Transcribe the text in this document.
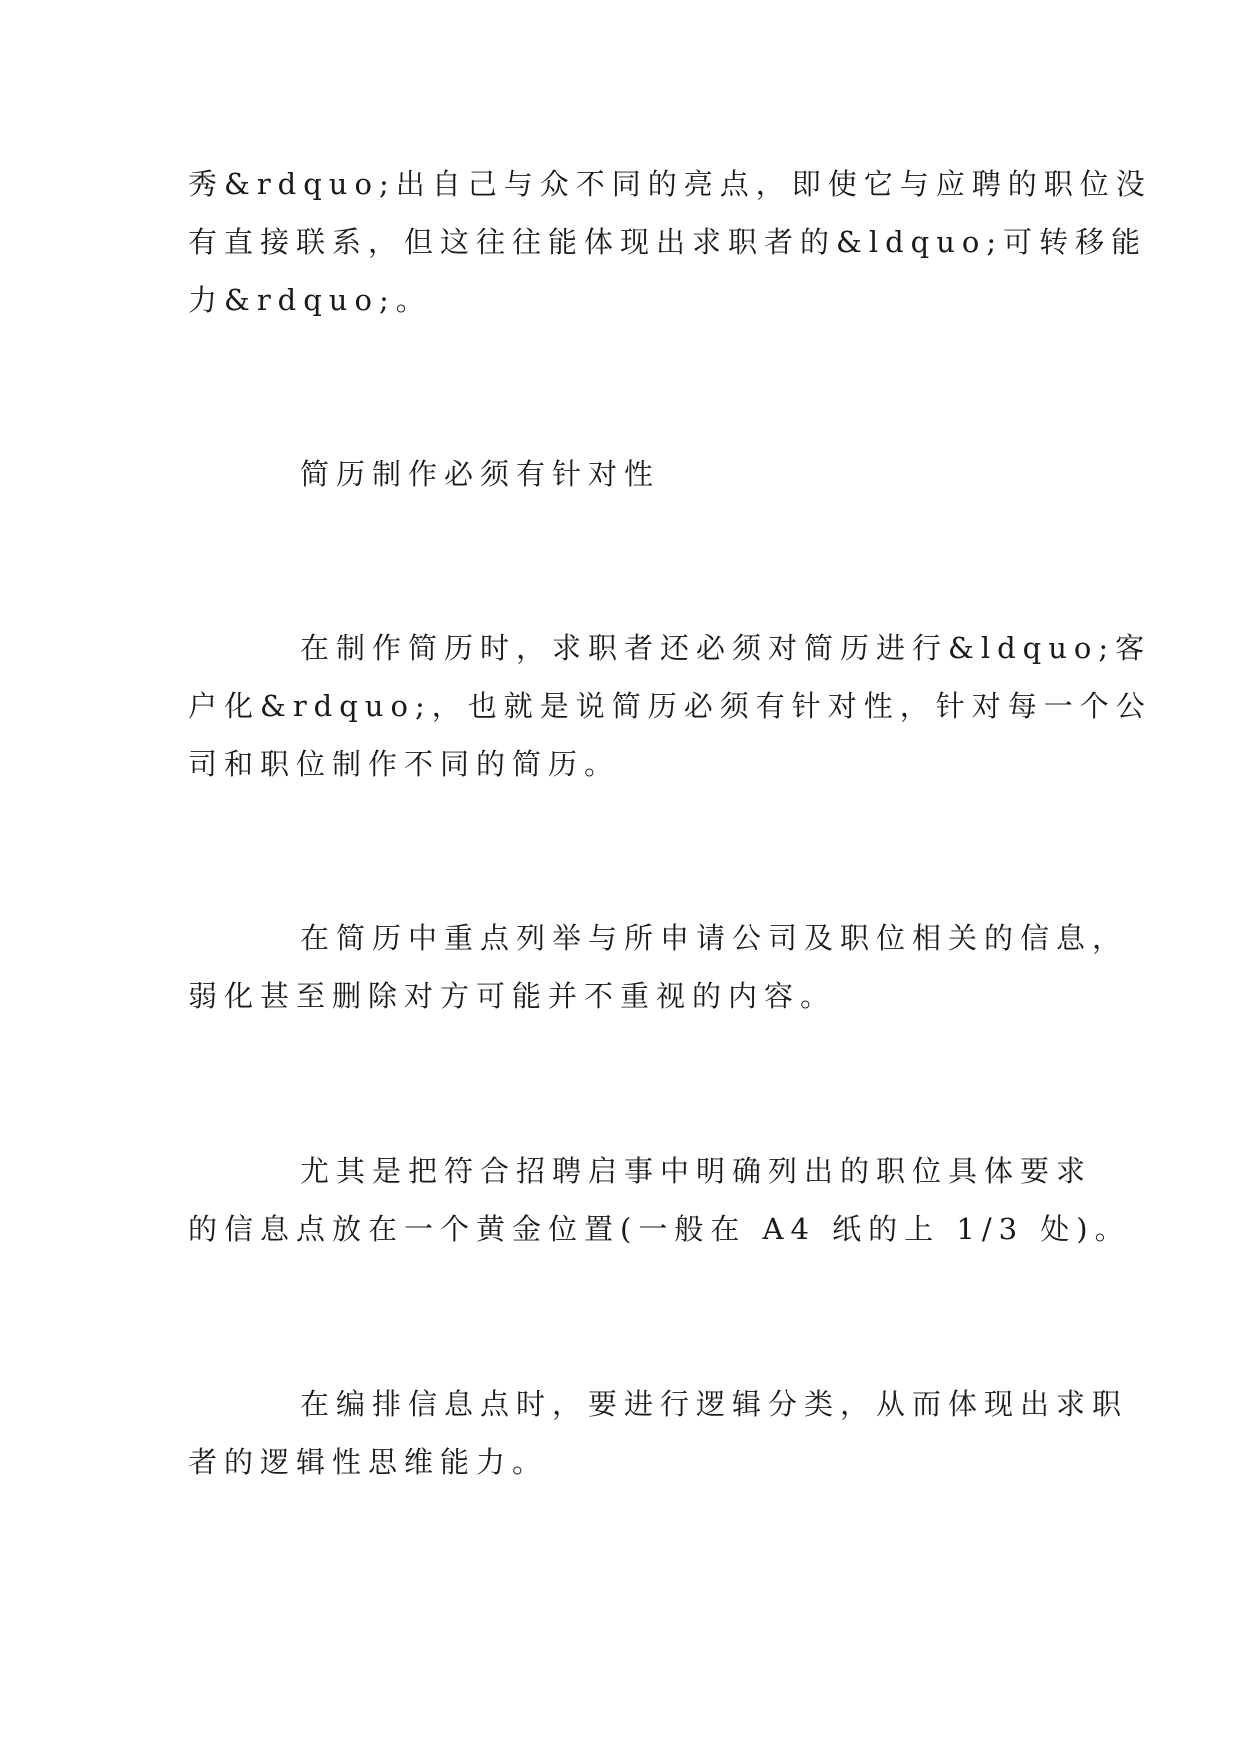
秀&rdquo;出自己与众不同的亮点，即使它与应聘的职位没

有直接联系，但这往往能体现出求职者的&ldquo;可转移能

力&rdquo;。

简历制作必须有针对性

在制作简历时，求职者还必须对简历进行&ldquo;客

户化&rdquo;，也就是说简历必须有针对性，针对每一个公

司和职位制作不同的简历。

在简历中重点列举与所申请公司及职位相关的信息，

弱化甚至删除对方可能并不重视的内容。

尤其是把符合招聘启事中明确列出的职位具体要求

的信息点放在一个黄金位置(一般在 A4 纸的上 1/3 处)。

在编排信息点时，要进行逻辑分类，从而体现出求职

者的逻辑性思维能力。
